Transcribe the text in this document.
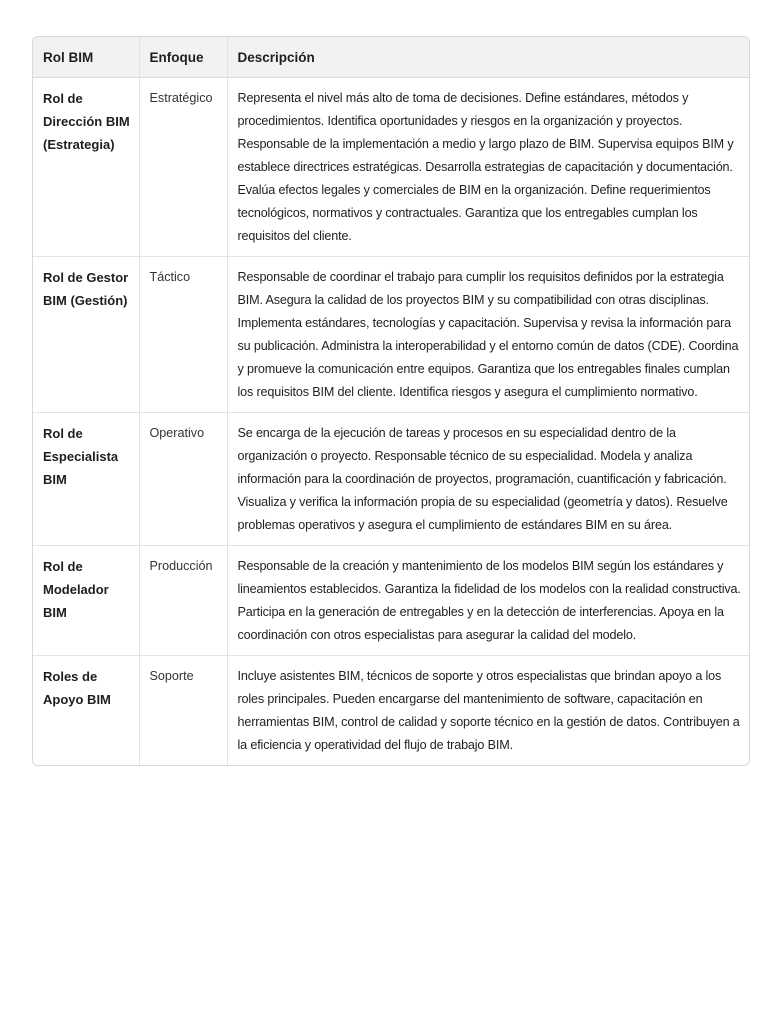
Rol BIM	Enfoque	Descripción
Rol de Dirección BIM (Estrategia)	Estratégico	Representa el nivel más alto de toma de decisiones. Define estándares, métodos y procedimientos. Identifica oportunidades y riesgos en la organización y proyectos. Responsable de la implementación a medio y largo plazo de BIM. Supervisa equipos BIM y establece directrices estratégicas. Desarrolla estrategias de capacitación y documentación. Evalúa efectos legales y comerciales de BIM en la organización. Define requerimientos tecnológicos, normativos y contractuales. Garantiza que los entregables cumplan los requisitos del cliente.
Rol de Gestor BIM (Gestión)	Táctico	Responsable de coordinar el trabajo para cumplir los requisitos definidos por la estrategia BIM. Asegura la calidad de los proyectos BIM y su compatibilidad con otras disciplinas. Implementa estándares, tecnologías y capacitación. Supervisa y revisa la información para su publicación. Administra la interoperabilidad y el entorno común de datos (CDE). Coordina y promueve la comunicación entre equipos. Garantiza que los entregables finales cumplan los requisitos BIM del cliente. Identifica riesgos y asegura el cumplimiento normativo.
Rol de Especialista BIM	Operativo	Se encarga de la ejecución de tareas y procesos en su especialidad dentro de la organización o proyecto. Responsable técnico de su especialidad. Modela y analiza información para la coordinación de proyectos, programación, cuantificación y fabricación. Visualiza y verifica la información propia de su especialidad (geometría y datos). Resuelve problemas operativos y asegura el cumplimiento de estándares BIM en su área.
Rol de Modelador BIM	Producción	Responsable de la creación y mantenimiento de los modelos BIM según los estándares y lineamientos establecidos. Garantiza la fidelidad de los modelos con la realidad constructiva. Participa en la generación de entregables y en la detección de interferencias. Apoya en la coordinación con otros especialistas para asegurar la calidad del modelo.
Roles de Apoyo BIM	Soporte	Incluye asistentes BIM, técnicos de soporte y otros especialistas que brindan apoyo a los roles principales. Pueden encargarse del mantenimiento de software, capacitación en herramientas BIM, control de calidad y soporte técnico en la gestión de datos. Contribuyen a la eficiencia y operatividad del flujo de trabajo BIM.
